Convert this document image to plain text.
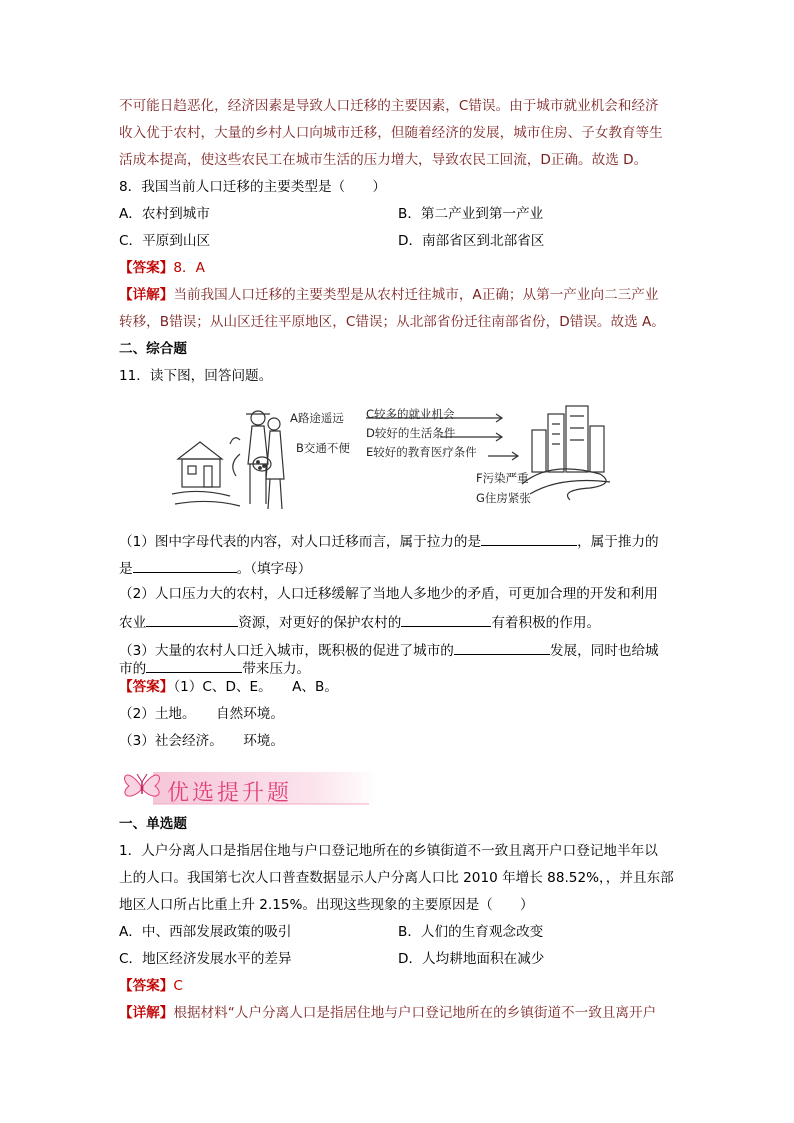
不可能日趋恶化，经济因素是导致人口迁移的主要因素，C错误。由于城市就业机会和经济
收入优于农村，大量的乡村人口向城市迁移，但随着经济的发展，城市住房、子女教育等生
活成本提高，使这些农民工在城市生活的压力增大，导致农民工回流，D正确。故选 D。
8．我国当前人口迁移的主要类型是（　　）
A．农村到城市	B．第二产业到第一产业
C．平原到山区	D．南部省区到北部省区
【答案】8．A
【详解】当前我国人口迁移的主要类型是从农村迁往城市，A正确；从第一产业向二三产业
转移，B错误；从山区迁往平原地区，C错误；从北部省份迁往南部省份，D错误。故选 A。
二、综合题
11．读下图，回答问题。
A路途遥远
B交通不便
C较多的就业机会
D较好的生活条件
E较好的教育医疗条件
F污染严重
G住房紧张
（1）图中字母代表的内容，对人口迁移而言，属于拉力的是	，属于推力的
是	。（填字母）
（2）人口压力大的农村，人口迁移缓解了当地人多地少的矛盾，可更加合理的开发和利用
农业	资源，对更好的保护农村的	有着积极的作用。
（3）大量的农村人口迁入城市，既积极的促进了城市的	发展，同时也给城
市的	带来压力。
【答案】（1）C、D、E。　　A、B。
（2）土地。　　自然环境。
（3）社会经济。　　环境。
优选提升题
一、单选题
1．人户分离人口是指居住地与户口登记地所在的乡镇街道不一致且离开户口登记地半年以
上的人口。我国第七次人口普查数据显示人户分离人口比 2010 年增长 88.52%，，并且东部
地区人口所占比重上升 2.15%。出现这些现象的主要原因是（　　）
A．中、西部发展政策的吸引	B．人们的生育观念改变
C．地区经济发展水平的差异	D．人均耕地面积在减少
【答案】C
【详解】根据材料“人户分离人口是指居住地与户口登记地所在的乡镇街道不一致且离开户
